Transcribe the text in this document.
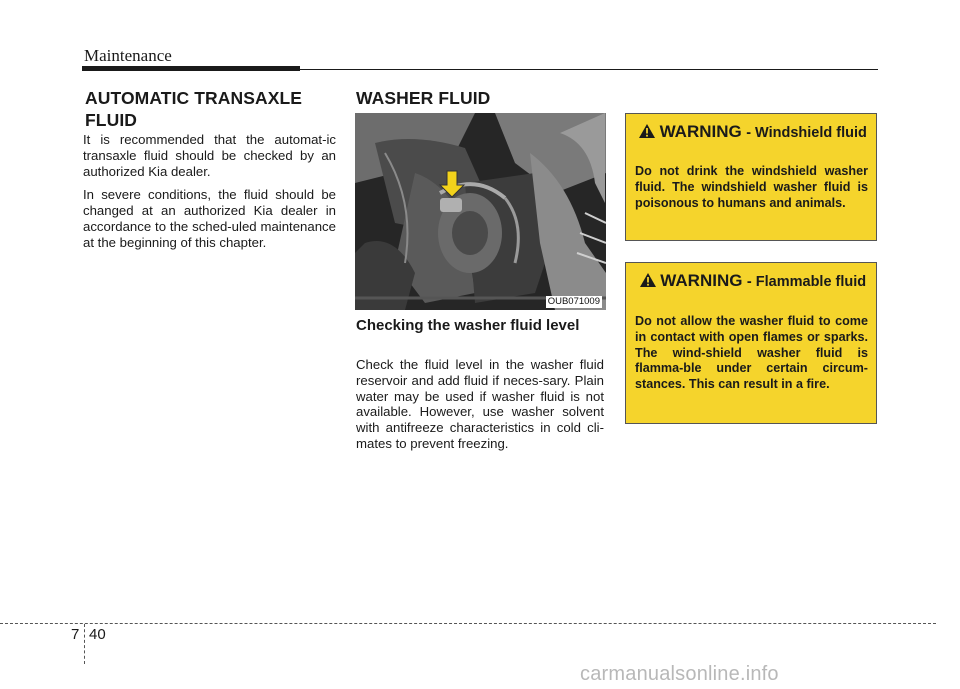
Maintenance
AUTOMATIC TRANSAXLE
FLUID

It is recommended that the automat-ic transaxle fluid should be checked by an authorized Kia dealer.

In severe conditions, the fluid should be changed at an authorized Kia dealer in accordance to the sched-uled maintenance at the beginning of this chapter.

WASHER FLUID
OUB071009
Checking the washer fluid level
Check the fluid level in the washer fluid reservoir and add fluid if neces-sary. Plain water may be used if washer fluid is not available. However, use washer solvent with antifreeze characteristics in cold cli-mates to prevent freezing.
WARNING - Windshield fluid
Do not drink the windshield washer fluid. The windshield washer fluid is poisonous to humans and animals.
WARNING - Flammable fluid
Do not allow the washer fluid to come in contact with open flames or sparks. The wind-shield washer fluid is flamma-ble under certain circum-stances. This can result in a fire.
7 40
carmanualsonline.info
